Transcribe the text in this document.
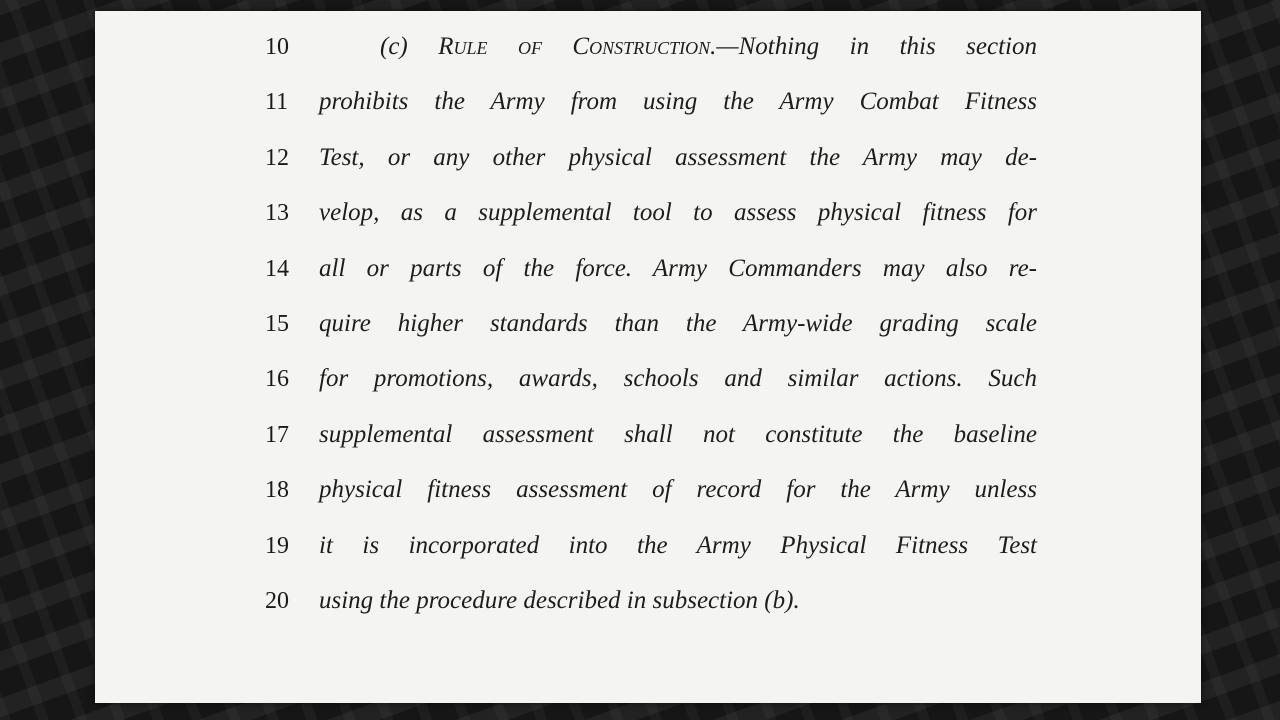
10	(c) Rule of Construction.—Nothing in this section
11	prohibits the Army from using the Army Combat Fitness
12	Test, or any other physical assessment the Army may de-
13	velop, as a supplemental tool to assess physical fitness for
14	all or parts of the force. Army Commanders may also re-
15	quire higher standards than the Army-wide grading scale
16	for promotions, awards, schools and similar actions. Such
17	supplemental assessment shall not constitute the baseline
18	physical fitness assessment of record for the Army unless
19	it is incorporated into the Army Physical Fitness Test
20	using the procedure described in subsection (b).
